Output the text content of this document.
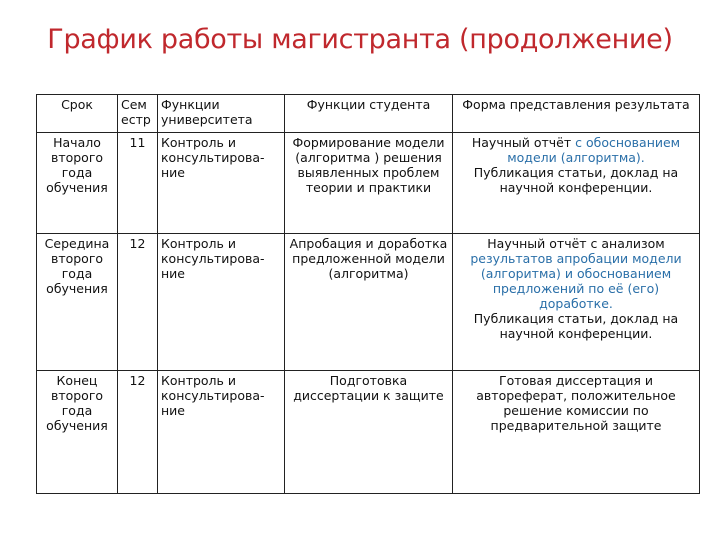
График работы магистранта (продолжение)
Срок	Сем естр	Функции университета	Функции студента	Форма представления результата
Начало второго года обучения	11	Контроль и консультирова-ние	Формирование модели (алгоритма ) решения выявленных проблем теории и практики	Научный отчёт с обоснованием модели (алгоритма).
Публикация статьи, доклад на научной конференции.

Середина второго года обучения	12	Контроль и консультирова-ние	Апробация и доработка предложенной модели (алгоритма)	Научный отчёт с анализом результатов апробации модели (алгоритма) и обоснованием предложений по её (его) доработке.
Публикация статьи, доклад на научной конференции.

Конец второго года обучения	12	Контроль и консультирова-ние	Подготовка диссертации к защите	Готовая диссертация и автореферат, положительное решение комиссии по предварительной защите
